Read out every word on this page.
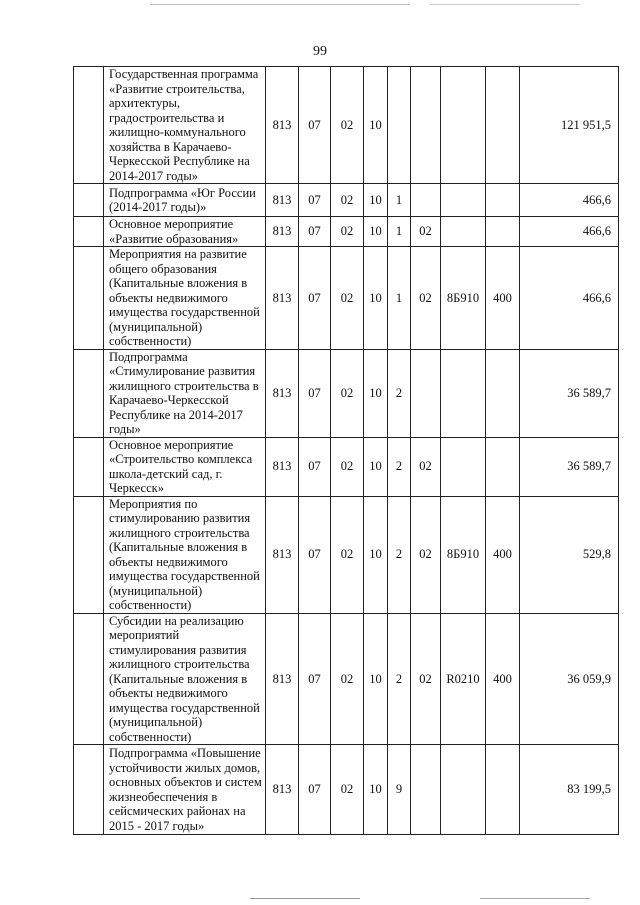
99
	Государственная программа «Развитие строительства, архитектуры, градостроительства и жилищно-коммунального хозяйства в Карачаево-Черкесской Республике на 2014-2017 годы»	813	07	02	10					121 951,5
	Подпрограмма «Юг России (2014-2017 годы)»	813	07	02	10	1				466,6
	Основное мероприятие «Развитие образования»	813	07	02	10	1	02			466,6
	Мероприятия на развитие общего образования (Капитальные вложения в объекты недвижимого имущества государственной (муниципальной) собственности)	813	07	02	10	1	02	8Б910	400	466,6
	Подпрограмма «Стимулирование развития жилищного строительства в Карачаево-Черкесской Республике на 2014-2017 годы»	813	07	02	10	2				36 589,7
	Основное мероприятие «Строительство комплекса школа-детский сад, г. Черкесск»	813	07	02	10	2	02			36 589,7
	Мероприятия по стимулированию развития жилищного строительства (Капитальные вложения в объекты недвижимого имущества государственной (муниципальной) собственности)	813	07	02	10	2	02	8Б910	400	529,8
	Субсидии на реализацию мероприятий стимулирования развития жилищного строительства (Капитальные вложения в объекты недвижимого имущества государственной (муниципальной) собственности)	813	07	02	10	2	02	R0210	400	36 059,9
	Подпрограмма «Повышение устойчивости жилых домов, основных объектов и систем жизнеобеспечения в сейсмических районах на 2015 - 2017 годы»	813	07	02	10	9				83 199,5
